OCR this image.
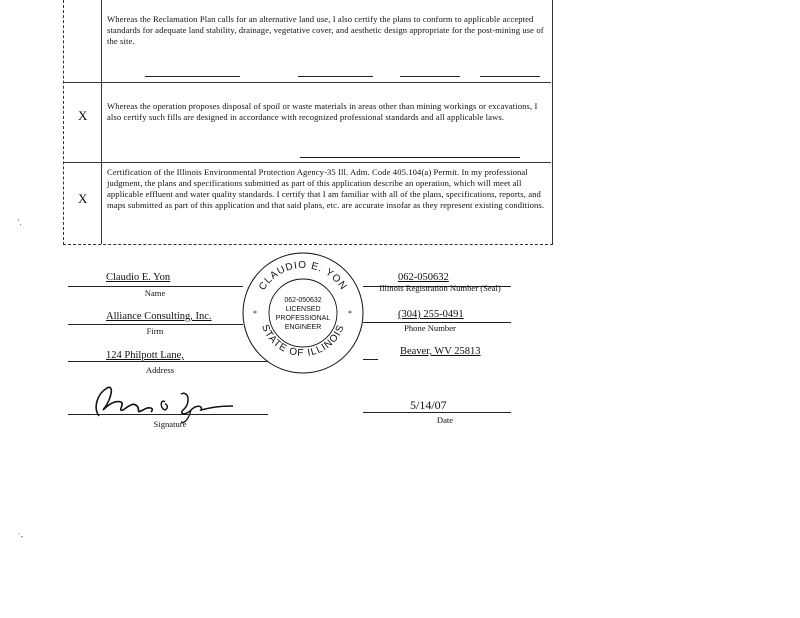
Whereas the Reclamation Plan calls for an alternative land use, I also certify the plans to conform to applicable accepted standards for adequate land stability, drainage, vegetative cover, and aesthetic design appropriate for the post-mining use of the site.
X
Whereas the operation proposes disposal of spoil or waste materials in areas other than mining workings or excavations, I also certify such fills are designed in accordance with recognized professional standards and all applicable laws.
X
Certification of the Illinois Environmental Protection Agency-35 Ill. Adm. Code 405.104(a) Permit. In my professional judgment, the plans and specifications submitted as part of this application describe an operation, which will meet all applicable effluent and water quality standards. I certify that I am familiar with all of the plans, specifications, reports, and maps submitted as part of this application and that said plans, etc. are accurate insofar as they represent existing conditions.
Claudio E. Yon
Name
062-050632
Illinois Registration Number (Seal)
Alliance Consulting, Inc.
Firm
(304) 255-0491
Phone Number
124 Philpott Lane,
Address
Beaver, WV 25813
Signature
5/14/07
Date
CLAUDIO E. YON
STATE OF ILLINOIS
*	*
062-050632
LICENSED
PROFESSIONAL
ENGINEER
'.
`-
